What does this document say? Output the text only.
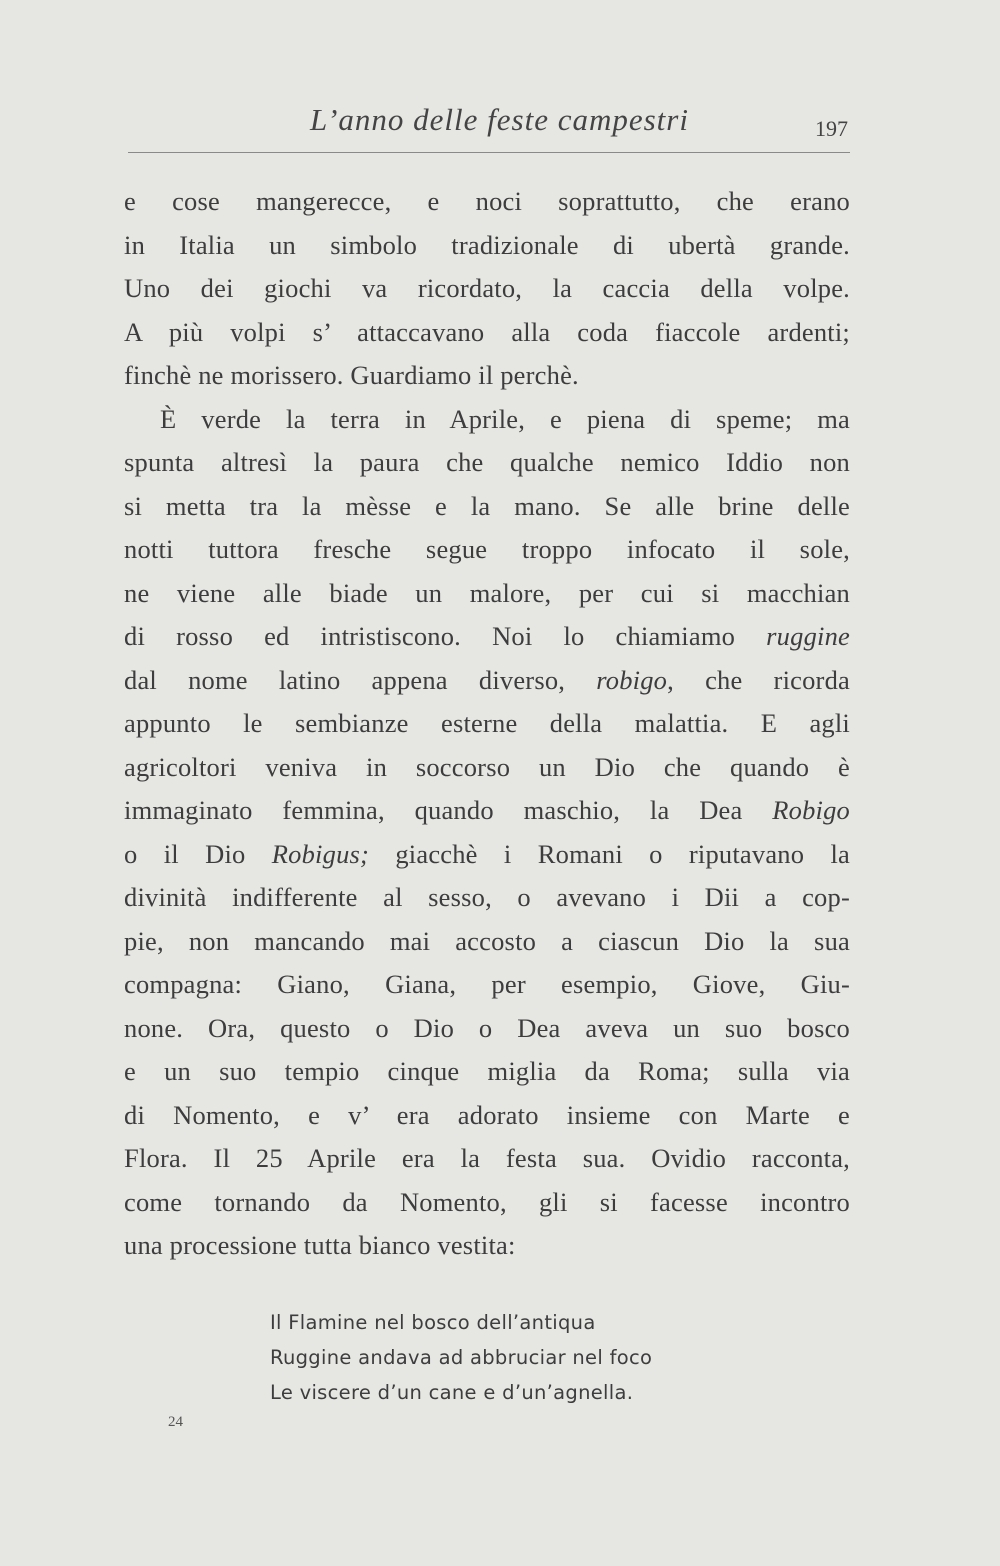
L’anno delle feste campestri	197
e cose mangerecce, e noci soprattutto, che erano
in Italia un simbolo tradizionale di ubertà grande.
Uno dei giochi va ricordato, la caccia della volpe.
A più volpi s’ attaccavano alla coda fiaccole ardenti;
finchè ne morissero. Guardiamo il perchè.
È verde la terra in Aprile, e piena di speme; ma
spunta altresì la paura che qualche nemico Iddio non
si metta tra la mèsse e la mano. Se alle brine delle
notti tuttora fresche segue troppo infocato il sole,
ne viene alle biade un malore, per cui si macchian
di rosso ed intristiscono. Noi lo chiamiamo ruggine
dal nome latino appena diverso, robigo, che ricorda
appunto le sembianze esterne della malattia. E agli
agricoltori veniva in soccorso un Dio che quando è
immaginato femmina, quando maschio, la Dea Robigo
o il Dio Robigus; giacchè i Romani o riputavano la
divinità indifferente al sesso, o avevano i Dii a cop-
pie, non mancando mai accosto a ciascun Dio la sua
compagna: Giano, Giana, per esempio, Giove, Giu-
none. Ora, questo o Dio o Dea aveva un suo bosco
e un suo tempio cinque miglia da Roma; sulla via
di Nomento, e v’ era adorato insieme con Marte e
Flora. Il 25 Aprile era la festa sua. Ovidio racconta,
come tornando da Nomento, gli si facesse incontro
una processione tutta bianco vestita:
Il Flamine nel bosco dell’antiqua
Ruggine andava ad abbruciar nel foco
Le viscere d’un cane e d’un’agnella.
24
